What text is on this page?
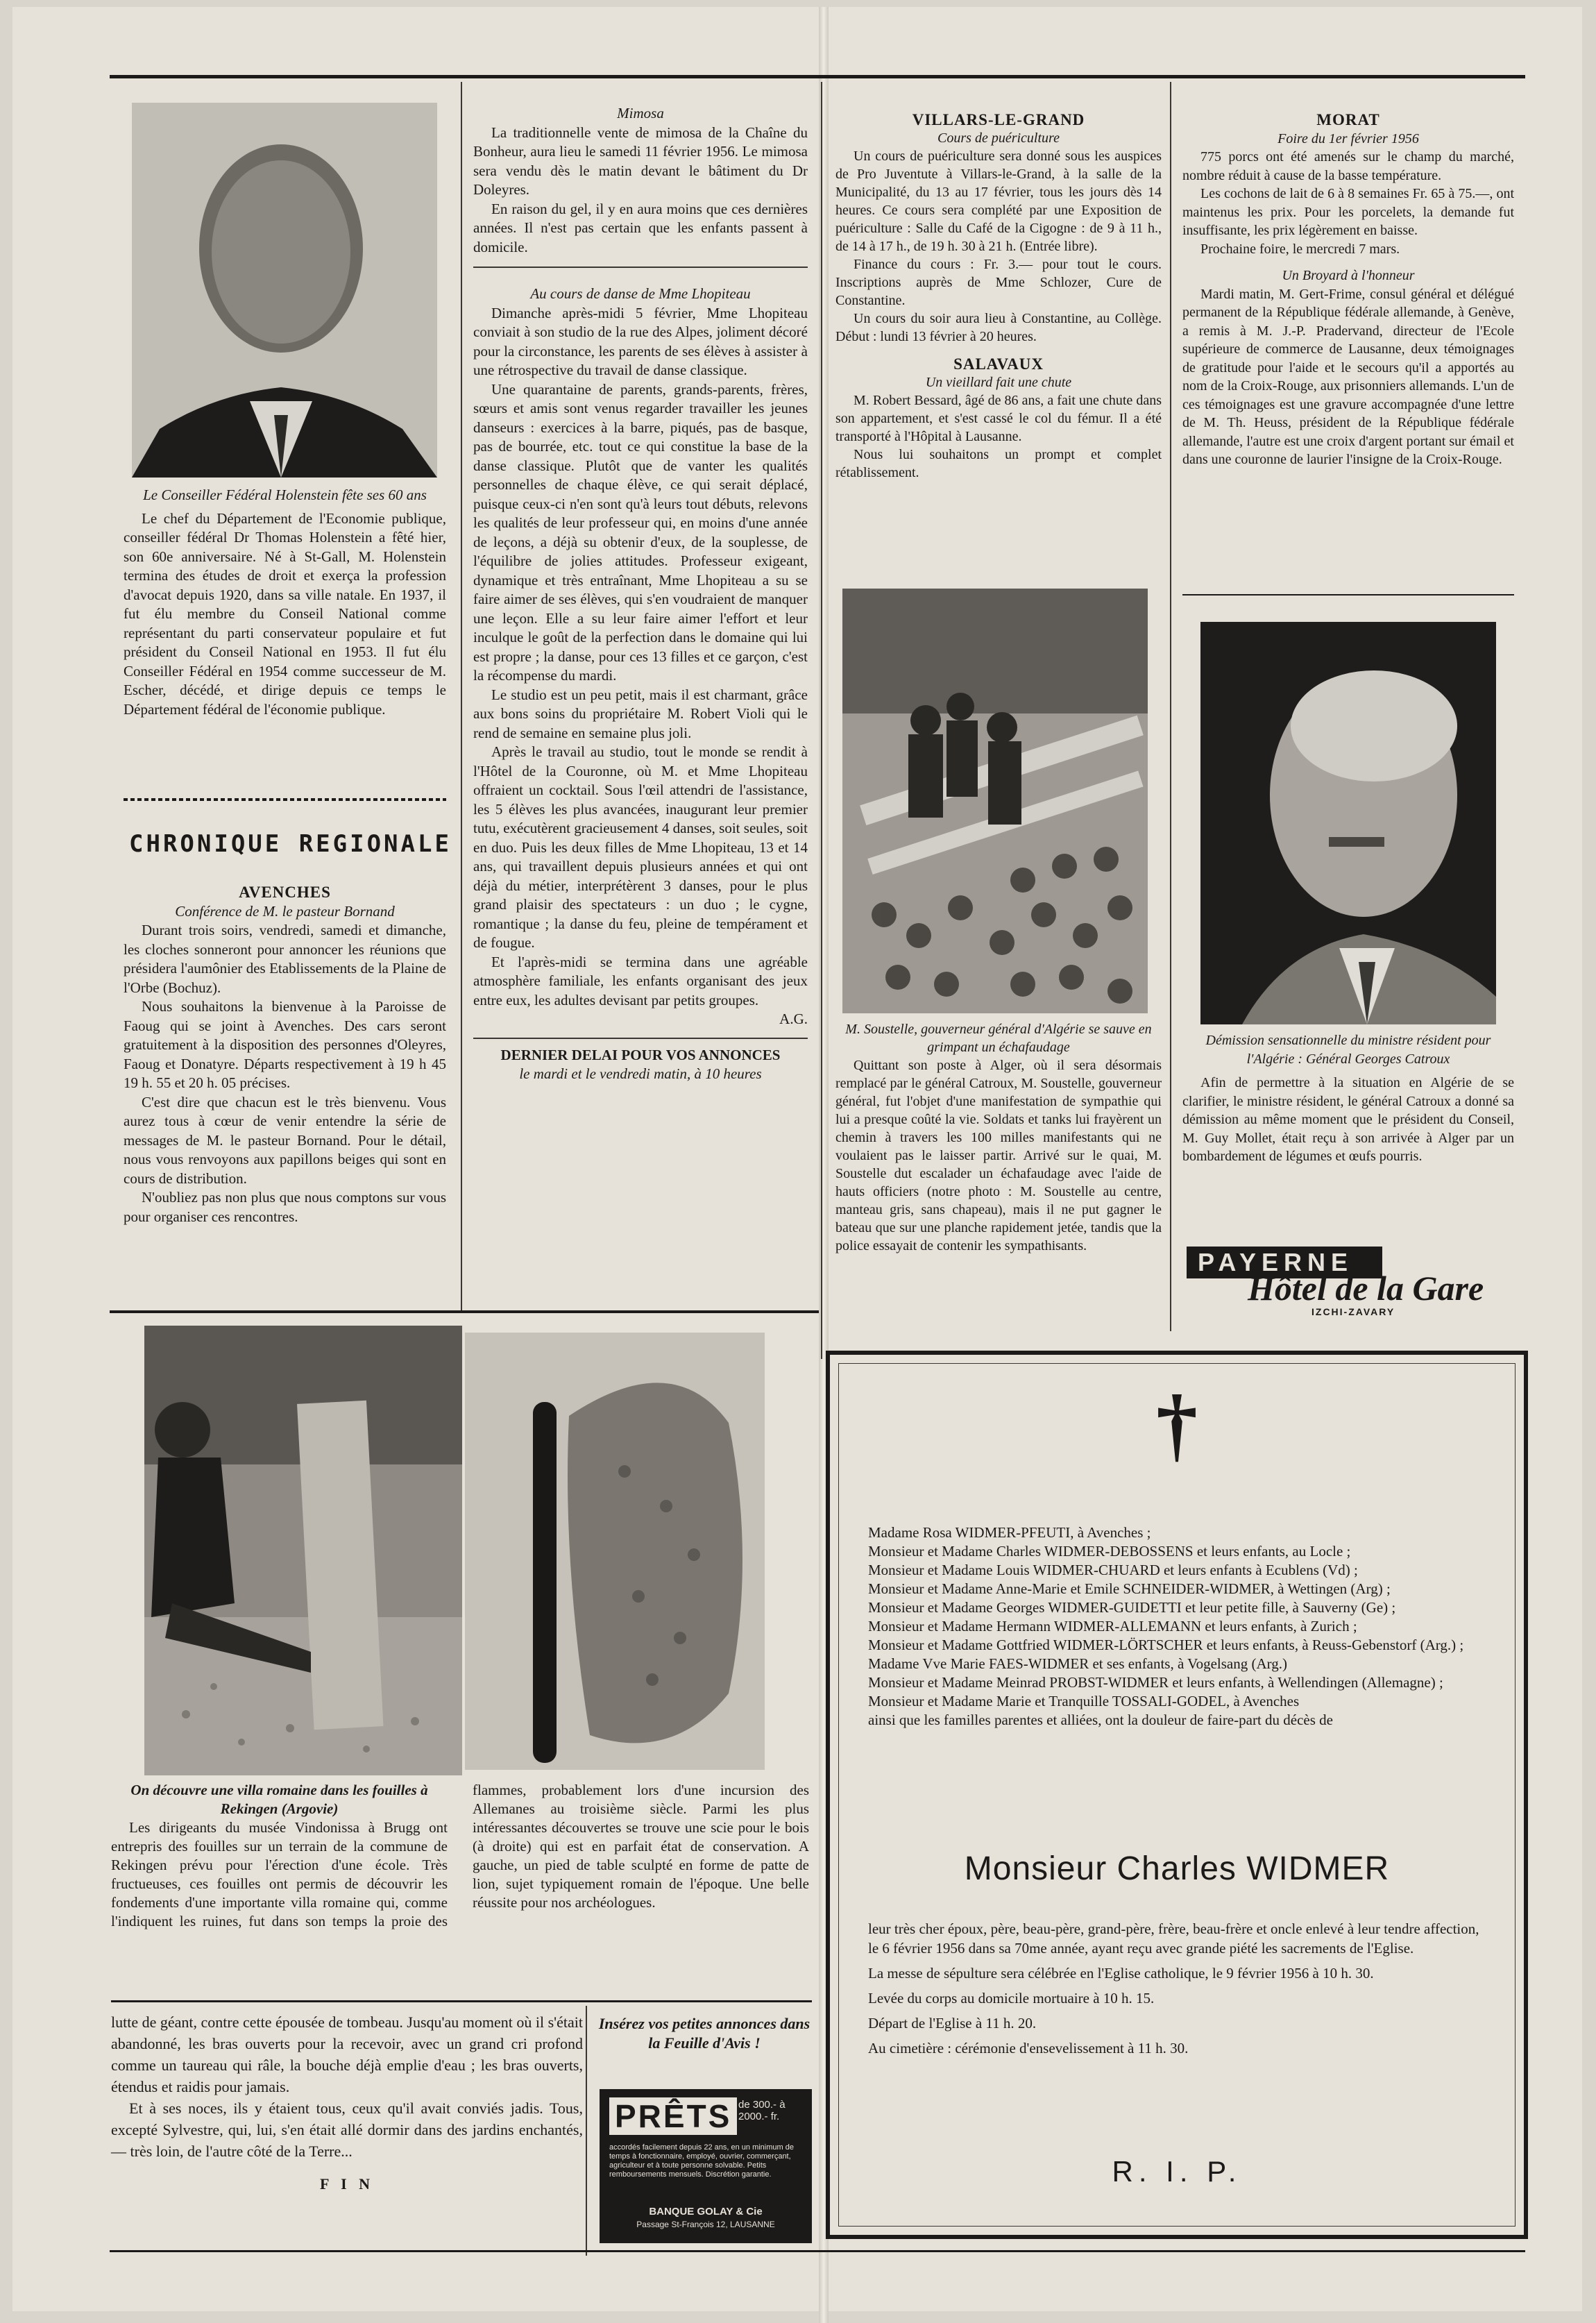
Le Conseiller Fédéral Holenstein fête ses 60 ans

Le chef du Département de l'Economie publique, conseiller fédéral Dr Thomas Holenstein a fêté hier, son 60e anniversaire. Né à St-Gall, M. Holenstein termina des études de droit et exerça la profession d'avocat depuis 1920, dans sa ville natale. En 1937, il fut élu membre du Conseil National comme représentant du parti conservateur populaire et fut président du Conseil National en 1953. Il fut élu Conseiller Fédéral en 1954 comme successeur de M. Escher, décédé, et dirige depuis ce temps le Département fédéral de l'économie publique.

CHRONIQUE REGIONALE

AVENCHES

Conférence de M. le pasteur Bornand

Durant trois soirs, vendredi, samedi et dimanche, les cloches sonneront pour annoncer les réunions que présidera l'aumônier des Etablissements de la Plaine de l'Orbe (Bochuz).

Nous souhaitons la bienvenue à la Paroisse de Faoug qui se joint à Avenches. Des cars seront gratuitement à la disposition des personnes d'Oleyres, Faoug et Donatyre. Départs respectivement à 19 h 45 19 h. 55 et 20 h. 05 précises.

C'est dire que chacun est le très bienvenu. Vous aurez tous à cœur de venir entendre la série de messages de M. le pasteur Bornand. Pour le détail, nous vous renvoyons aux papillons beiges qui sont en cours de distribution.

N'oubliez pas non plus que nous comptons sur vous pour organiser ces rencontres.

Mimosa

La traditionnelle vente de mimosa de la Chaîne du Bonheur, aura lieu le samedi 11 février 1956. Le mimosa sera vendu dès le matin devant le bâtiment du Dr Doleyres.

En raison du gel, il y en aura moins que ces dernières années. Il n'est pas certain que les enfants passent à domicile.

Au cours de danse de Mme Lhopiteau

Dimanche après-midi 5 février, Mme Lhopiteau conviait à son studio de la rue des Alpes, joliment décoré pour la circonstance, les parents de ses élèves à assister à une rétrospective du travail de danse classique.

Une quarantaine de parents, grands-parents, frères, sœurs et amis sont venus regarder travailler les jeunes danseurs : exercices à la barre, piqués, pas de basque, pas de bourrée, etc. tout ce qui constitue la base de la danse classique. Plutôt que de vanter les qualités personnelles de chaque élève, ce qui serait déplacé, puisque ceux-ci n'en sont qu'à leurs tout débuts, relevons les qualités de leur professeur qui, en moins d'une année de leçons, a déjà su obtenir d'eux, de la souplesse, de l'équilibre de jolies attitudes. Professeur exigeant, dynamique et très entraînant, Mme Lhopiteau a su se faire aimer de ses élèves, qui s'en voudraient de manquer une leçon. Elle a su leur faire aimer l'effort et leur inculque le goût de la perfection dans le domaine qui lui est propre ; la danse, pour ces 13 filles et ce garçon, c'est la récompense du mardi.

Le studio est un peu petit, mais il est charmant, grâce aux bons soins du propriétaire M. Robert Violi qui le rend de semaine en semaine plus joli.

Après le travail au studio, tout le monde se rendit à l'Hôtel de la Couronne, où M. et Mme Lhopiteau offraient un cocktail. Sous l'œil attendri de l'assistance, les 5 élèves les plus avancées, inaugurant leur premier tutu, exécutèrent gracieusement 4 danses, soit seules, soit en duo. Puis les deux filles de Mme Lhopiteau, 13 et 14 ans, qui travaillent depuis plusieurs années et qui ont déjà du métier, interprétèrent 3 danses, pour le plus grand plaisir des spectateurs : un duo ; le cygne, romantique ; la danse du feu, pleine de tempérament et de fougue.

Et l'après-midi se termina dans une agréable atmosphère familiale, les enfants organisant des jeux entre eux, les adultes devisant par petits groupes.

A.G.

DERNIER DELAI POUR VOS ANNONCES

le mardi et le vendredi matin, à 10 heures

VILLARS-LE-GRAND

Cours de puériculture

Un cours de puériculture sera donné sous les auspices de Pro Juventute à Villars-le-Grand, à la salle de la Municipalité, du 13 au 17 février, tous les jours dès 14 heures. Ce cours sera complété par une Exposition de puériculture : Salle du Café de la Cigogne : de 9 à 11 h., de 14 à 17 h., de 19 h. 30 à 21 h. (Entrée libre).

Finance du cours : Fr. 3.— pour tout le cours. Inscriptions auprès de Mme Schlozer, Cure de Constantine.

Un cours du soir aura lieu à Constantine, au Collège. Début : lundi 13 février à 20 heures.

SALAVAUX

Un vieillard fait une chute

M. Robert Bessard, âgé de 86 ans, a fait une chute dans son appartement, et s'est cassé le col du fémur. Il a été transporté à l'Hôpital à Lausanne.

Nous lui souhaitons un prompt et complet rétablissement.

M. Soustelle, gouverneur général d'Algérie se sauve en grimpant un échafaudage

Quittant son poste à Alger, où il sera désormais remplacé par le général Catroux, M. Soustelle, gouverneur général, fut l'objet d'une manifestation de sympathie qui lui a presque coûté la vie. Soldats et tanks lui frayèrent un chemin à travers les 100 milles manifestants qui ne voulaient pas le laisser partir. Arrivé sur le quai, M. Soustelle dut escalader un échafaudage avec l'aide de hauts officiers (notre photo : M. Soustelle au centre, manteau gris, sans chapeau), mais il ne put gagner le bateau que sur une planche rapidement jetée, tandis que la police essayait de contenir les sympathisants.

MORAT

Foire du 1er février 1956

775 porcs ont été amenés sur le champ du marché, nombre réduit à cause de la basse température.

Les cochons de lait de 6 à 8 semaines Fr. 65 à 75.—, ont maintenus les prix. Pour les porcelets, la demande fut insuffisante, les prix légèrement en baisse.

Prochaine foire, le mercredi 7 mars.

Un Broyard à l'honneur

Mardi matin, M. Gert-Frime, consul général et délégué permanent de la République fédérale allemande, à Genève, a remis à M. J.-P. Pradervand, directeur de l'Ecole supérieure de commerce de Lausanne, deux témoignages de gratitude pour l'aide et le secours qu'il a apportés au nom de la Croix-Rouge, aux prisonniers allemands. L'un de ces témoignages est une gravure accompagnée d'une lettre de M. Th. Heuss, président de la République fédérale allemande, l'autre est une croix d'argent portant sur émail et dans une couronne de laurier l'insigne de la Croix-Rouge.

Démission sensationnelle du ministre résident pour l'Algérie : Général Georges Catroux

Afin de permettre à la situation en Algérie de se clarifier, le ministre résident, le général Catroux a donné sa démission au même moment que le président du Conseil, M. Guy Mollet, était reçu à son arrivée à Alger par un bombardement de légumes et œufs pourris.

PAYERNE
Hôtel de la Gare
IZCHI-ZAVARY

On découvre une villa romaine dans les fouilles à Rekingen (Argovie)

Les dirigeants du musée Vindonissa à Brugg ont entrepris des fouilles sur un terrain de la commune de Rekingen prévu pour l'érection d'une école. Très fructueuses, ces fouilles ont permis de découvrir les fondements d'une importante villa romaine qui, comme l'indiquent les ruines, fut dans son temps la proie des flammes, probablement lors d'une incursion des Allemanes au troisième siècle. Parmi les plus intéressantes découvertes se trouve une scie pour le bois (à droite) qui est en parfait état de conservation. A gauche, un pied de table sculpté en forme de patte de lion, sujet typiquement romain de l'époque. Une belle réussite pour nos archéologues.

lutte de géant, contre cette épousée de tombeau. Jusqu'au moment où il s'était abandonné, les bras ouverts pour la recevoir, avec un grand cri profond comme un taureau qui râle, la bouche déjà emplie d'eau ; les bras ouverts, étendus et raidis pour jamais.

Et à ses noces, ils y étaient tous, ceux qu'il avait conviés jadis. Tous, excepté Sylvestre, qui, lui, s'en était allé dormir dans des jardins enchantés, — très loin, de l'autre côté de la Terre...

F I N

Insérez vos petites annonces dans la Feuille d'Avis !

PRÊTS de 300.- à 2000.- fr.
accordés facilement depuis 22 ans, en un minimum de temps à fonctionnaire, employé, ouvrier, commerçant, agriculteur et à toute personne solvable. Petits remboursements mensuels. Discrétion garantie.
BANQUE GOLAY & Cie
Passage St-François 12, LAUSANNE
†
Madame Rosa WIDMER-PFEUTI, à Avenches ;
Monsieur et Madame Charles WIDMER-DEBOSSENS et leurs enfants, au Locle ;
Monsieur et Madame Louis WIDMER-CHUARD et leurs enfants à Ecublens (Vd) ;
Monsieur et Madame Anne-Marie et Emile SCHNEIDER-WIDMER, à Wettingen (Arg) ;
Monsieur et Madame Georges WIDMER-GUIDETTI et leur petite fille, à Sauverny (Ge) ;
Monsieur et Madame Hermann WIDMER-ALLEMANN et leurs enfants, à Zurich ;
Monsieur et Madame Gottfried WIDMER-LÖRTSCHER et leurs enfants, à Reuss-Gebenstorf (Arg.) ;
Madame Vve Marie FAES-WIDMER et ses enfants, à Vogelsang (Arg.)
Monsieur et Madame Meinrad PROBST-WIDMER et leurs enfants, à Wellendingen (Allemagne) ;
Monsieur et Madame Marie et Tranquille TOSSALI-GODEL, à Avenches
ainsi que les familles parentes et alliées, ont la douleur de faire-part du décès de
Monsieur Charles WIDMER
leur très cher époux, père, beau-père, grand-père, frère, beau-frère et oncle enlevé à leur tendre affection, le 6 février 1956 dans sa 70me année, ayant reçu avec grande piété les sacrements de l'Eglise.
La messe de sépulture sera célébrée en l'Eglise catholique, le 9 février 1956 à 10 h. 30.
Levée du corps au domicile mortuaire à 10 h. 15.
Départ de l'Eglise à 11 h. 20.
Au cimetière : cérémonie d'ensevelissement à 11 h. 30.
R. I. P.
